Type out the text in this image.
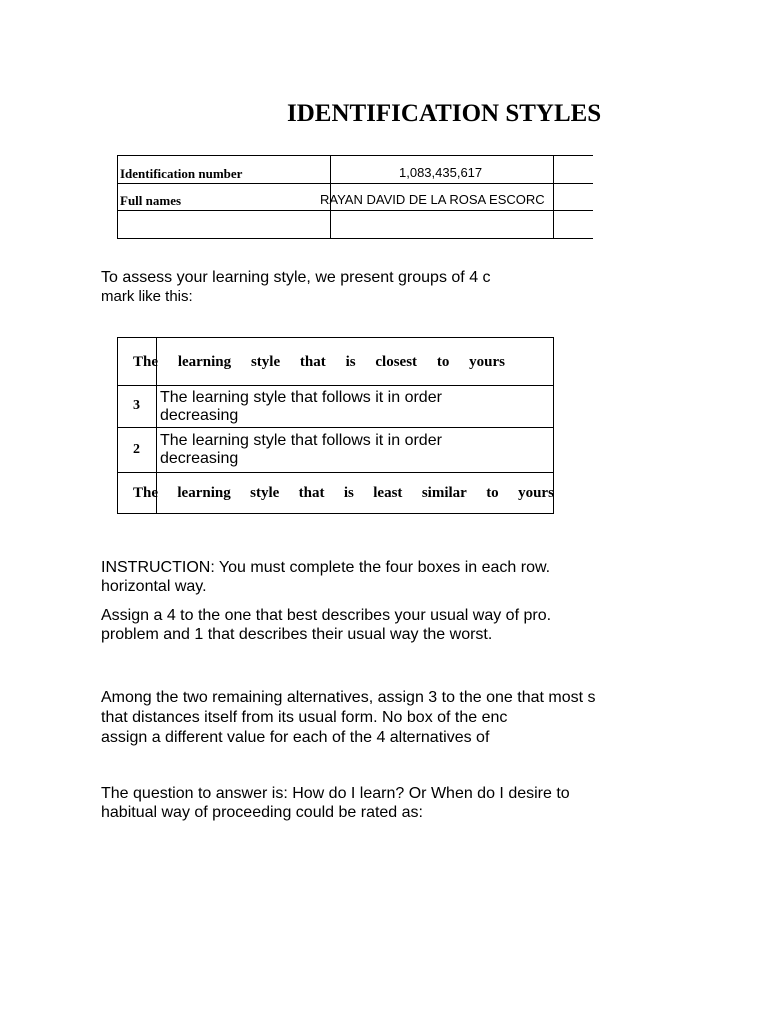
IDENTIFICATION STYLES
Identification number	1,083,435,617
Full names	RAYAN DAVID DE LA ROSA ESCORC
To assess your learning style, we present groups of 4 c
mark like this:
The learning style that is closest to yours
3 The learning style that follows it in order
decreasing
2
The learning style that follows it in order
decreasing
The learning style that is least similar to yours
INSTRUCTION: You must complete the four boxes in each row.
horizontal way.
Assign a 4 to the one that best describes your usual way of pro.
problem and 1 that describes their usual way the worst.
Among the two remaining alternatives, assign 3 to the one that most s
that distances itself from its usual form. No box of the enc
assign a different value for each of the 4 alternatives of
The question to answer is: How do I learn? Or When do I desire to
habitual way of proceeding could be rated as:
